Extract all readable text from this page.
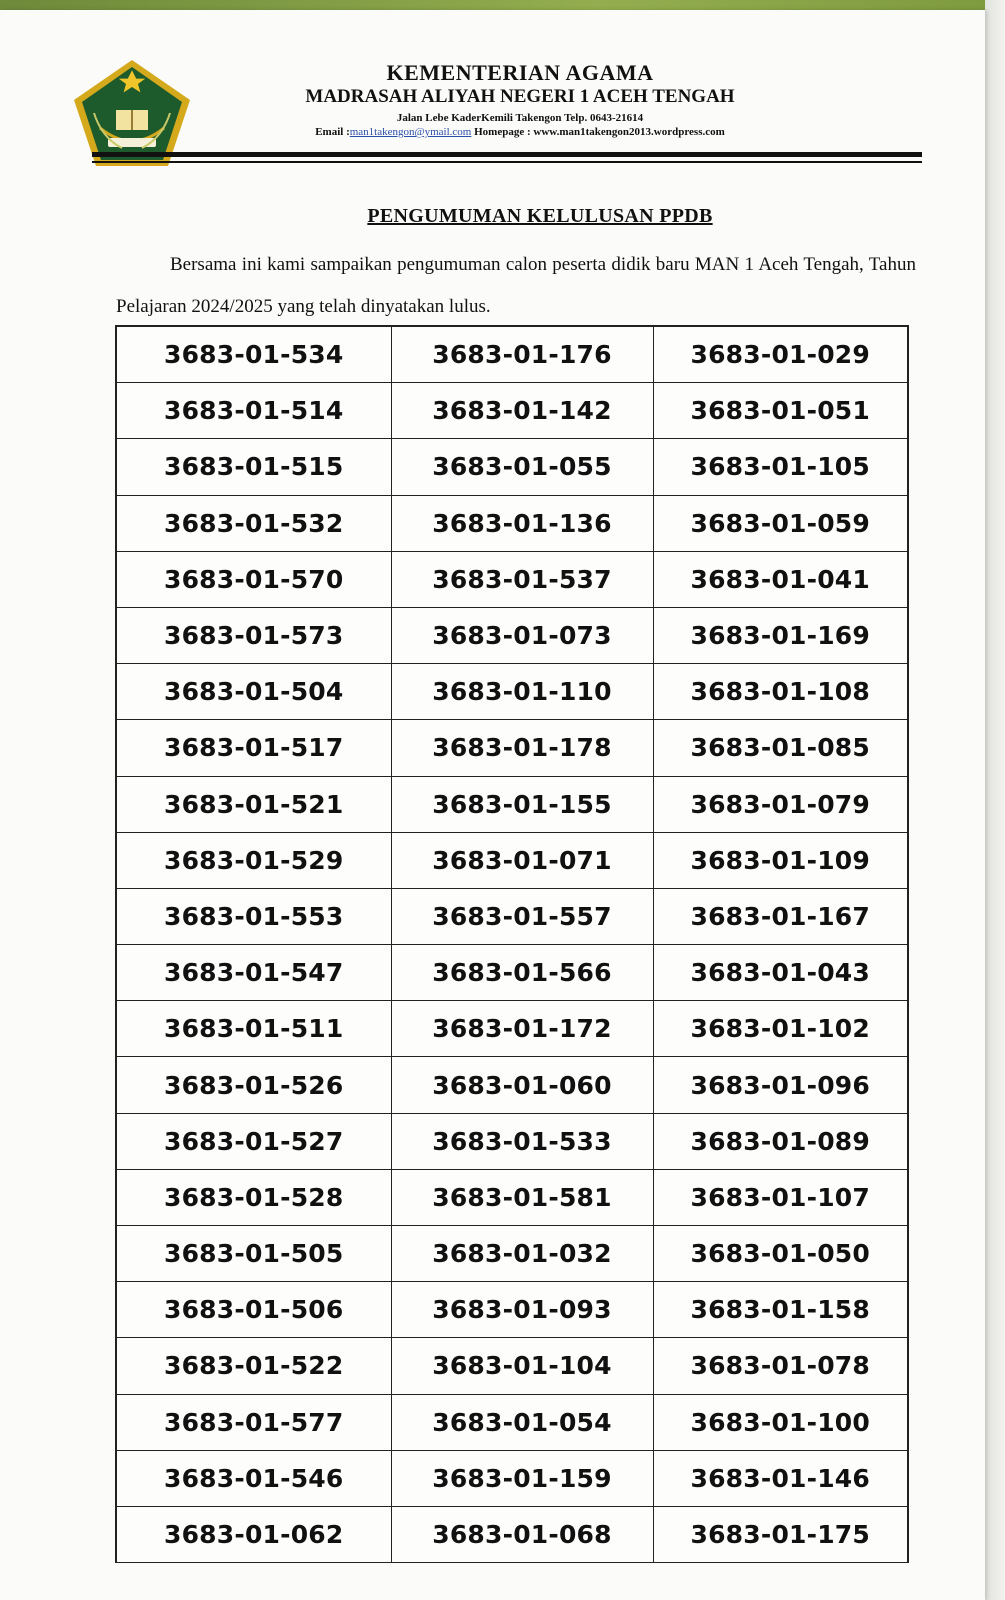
KEMENTERIAN AGAMA
MADRASAH ALIYAH NEGERI 1 ACEH TENGAH
Jalan Lebe KaderKemili Takengon Telp. 0643-21614
Email :man1takengon@ymail.com Homepage : www.man1takengon2013.wordpress.com
PENGUMUMAN KELULUSAN PPDB
Bersama ini kami sampaikan pengumuman calon peserta didik baru MAN 1 Aceh Tengah, Tahun Pelajaran 2024/2025 yang telah dinyatakan lulus.
3683-01-534	3683-01-176	3683-01-029
3683-01-514	3683-01-142	3683-01-051
3683-01-515	3683-01-055	3683-01-105
3683-01-532	3683-01-136	3683-01-059
3683-01-570	3683-01-537	3683-01-041
3683-01-573	3683-01-073	3683-01-169
3683-01-504	3683-01-110	3683-01-108
3683-01-517	3683-01-178	3683-01-085
3683-01-521	3683-01-155	3683-01-079
3683-01-529	3683-01-071	3683-01-109
3683-01-553	3683-01-557	3683-01-167
3683-01-547	3683-01-566	3683-01-043
3683-01-511	3683-01-172	3683-01-102
3683-01-526	3683-01-060	3683-01-096
3683-01-527	3683-01-533	3683-01-089
3683-01-528	3683-01-581	3683-01-107
3683-01-505	3683-01-032	3683-01-050
3683-01-506	3683-01-093	3683-01-158
3683-01-522	3683-01-104	3683-01-078
3683-01-577	3683-01-054	3683-01-100
3683-01-546	3683-01-159	3683-01-146
3683-01-062	3683-01-068	3683-01-175
